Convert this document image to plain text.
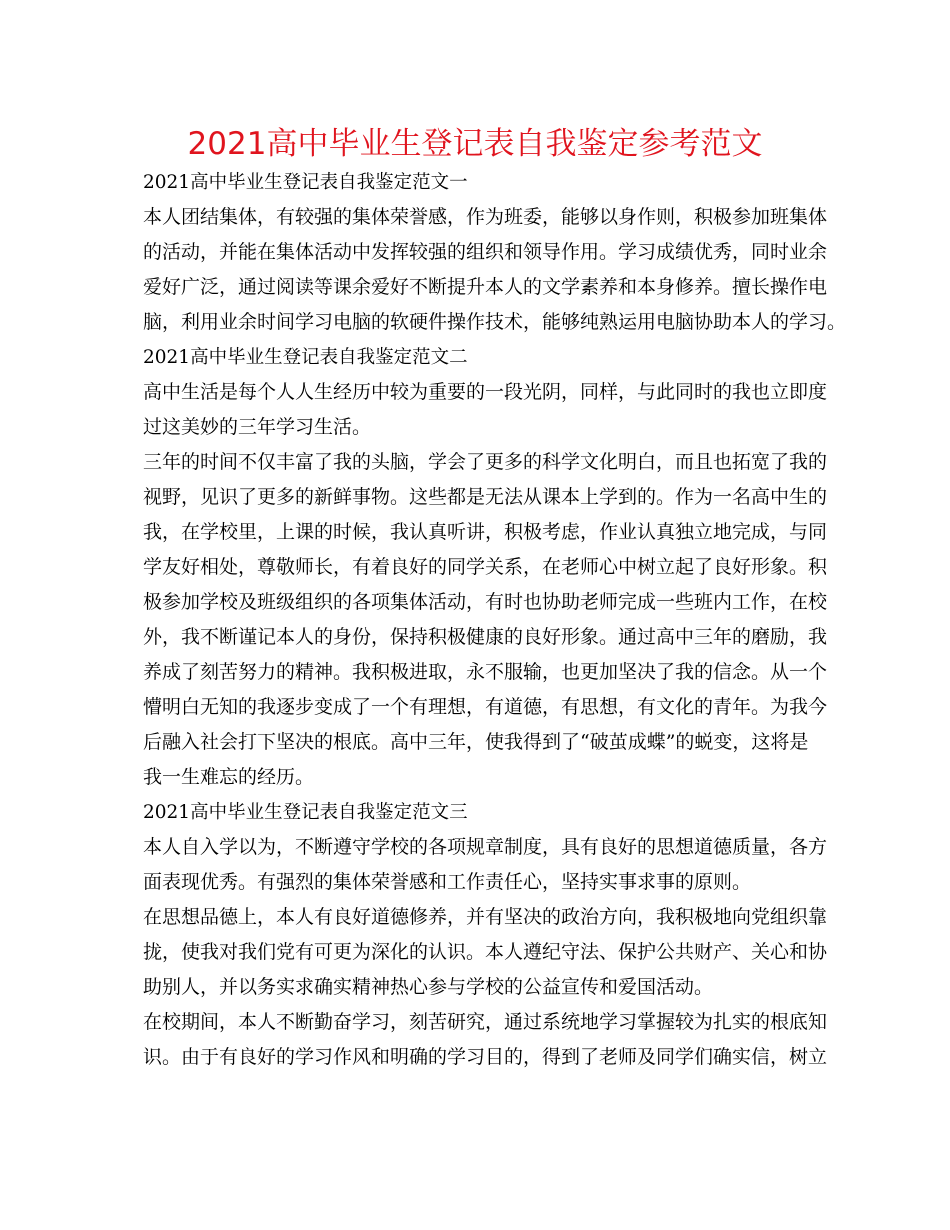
2021高中毕业生登记表自我鉴定参考范文
2021高中毕业生登记表自我鉴定范文一
本人团结集体，有较强的集体荣誉感，作为班委，能够以身作则，积极参加班集体
的活动，并能在集体活动中发挥较强的组织和领导作用。学习成绩优秀，同时业余
爱好广泛，通过阅读等课余爱好不断提升本人的文学素养和本身修养。擅长操作电
脑，利用业余时间学习电脑的软硬件操作技术，能够纯熟运用电脑协助本人的学习。
2021高中毕业生登记表自我鉴定范文二
高中生活是每个人人生经历中较为重要的一段光阴，同样，与此同时的我也立即度
过这美妙的三年学习生活。
三年的时间不仅丰富了我的头脑，学会了更多的科学文化明白，而且也拓宽了我的
视野，见识了更多的新鲜事物。这些都是无法从课本上学到的。作为一名高中生的
我，在学校里，上课的时候，我认真听讲，积极考虑，作业认真独立地完成，与同
学友好相处，尊敬师长，有着良好的同学关系，在老师心中树立起了良好形象。积
极参加学校及班级组织的各项集体活动，有时也协助老师完成一些班内工作，在校
外，我不断谨记本人的身份，保持积极健康的良好形象。通过高中三年的磨励，我
养成了刻苦努力的精神。我积极进取，永不服输，也更加坚决了我的信念。从一个
懵明白无知的我逐步变成了一个有理想，有道德，有思想，有文化的青年。为我今
后融入社会打下坚决的根底。高中三年，使我得到了“破茧成蝶”的蜕变，这将是
我一生难忘的经历。
2021高中毕业生登记表自我鉴定范文三
本人自入学以为，不断遵守学校的各项规章制度，具有良好的思想道德质量，各方
面表现优秀。有强烈的集体荣誉感和工作责任心，坚持实事求事的原则。
在思想品德上，本人有良好道德修养，并有坚决的政治方向，我积极地向党组织靠
拢，使我对我们党有可更为深化的认识。本人遵纪守法、保护公共财产、关心和协
助别人，并以务实求确实精神热心参与学校的公益宣传和爱国活动。
在校期间，本人不断勤奋学习，刻苦研究，通过系统地学习掌握较为扎实的根底知
识。由于有良好的学习作风和明确的学习目的，得到了老师及同学们确实信，树立
